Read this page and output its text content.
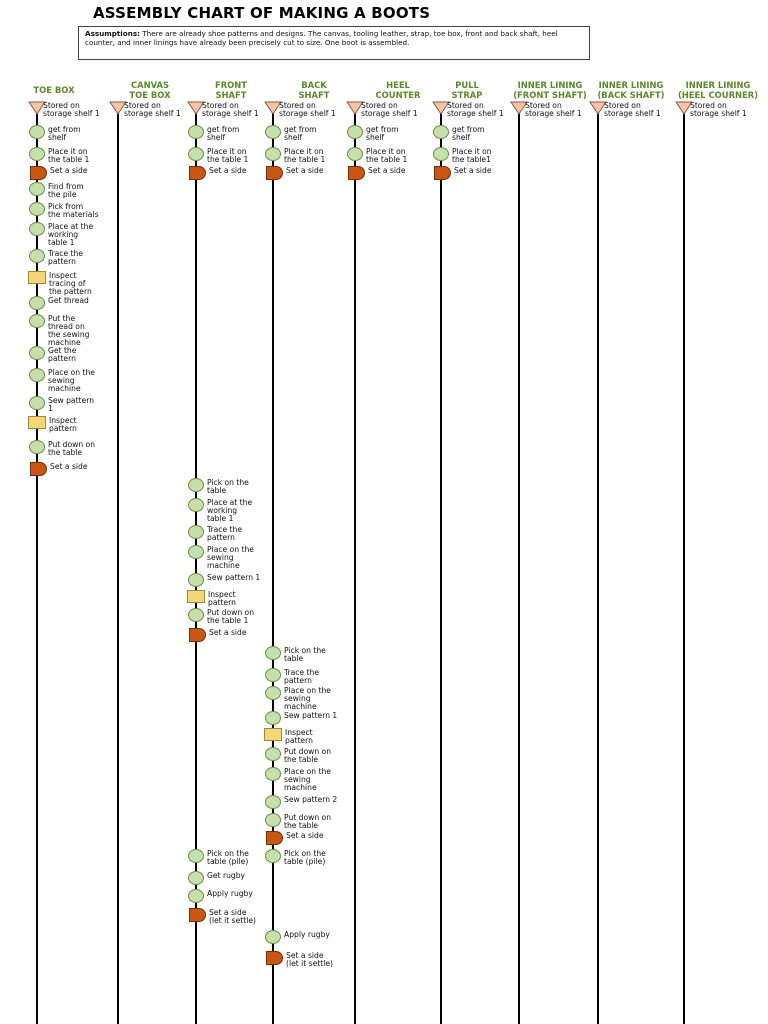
ASSEMBLY CHART OF MAKING A BOOTS
Assumptions: There are already shoe patterns and designs. The canvas, tooling leather, strap, toe box, front and back shaft, heel counter, and inner linings have already been precisely cut to size. One boot is assembled.
TOE BOX	CANVAS
TOE BOX
FRONT
SHAFT
BACK
SHAFT
HEEL
COUNTER
PULL
STRAP
INNER LINING
(FRONT SHAFT)
INNER LINING
(BACK SHAFT)
INNER LINING
(HEEL COURNER)
Stored on
storage shelf 1
get from
shelf
Place it on
the table 1
Set a side
Find from
the pile
Pick from
the materials
Place at the
working
table 1
Trace the
pattern
Inspect
tracing of
the pattern
Get thread
Put the
thread on
the sewing
machine
Get the
pattern
Place on the
sewing
machine
Sew pattern
1
Inspect
pattern
Put down on
the table
Set a side
Stored on
storage shelf 1
Stored on
storage shelf 1
get from
shelf
Place it on
the table 1
Set a side
Pick on the
table
Place at the
working
table 1
Trace the
pattern
Place on the
sewing
machine
Sew pattern 1
Inspect
pattern
Put down on
the table 1
Set a side
Pick on the
table (pile)
Get rugby
Apply rugby
Set a side
(let it settle)
Stored on
storage shelf 1
get from
shelf
Place it on
the table 1
Set a side
Pick on the
table
Trace the
pattern
Place on the
sewing
machine
Sew pattern 1
Inspect
pattern
Put down on
the table
Place on the
sewing
machine
Sew pattern 2
Put down on
the table
Set a side
Pick on the
table (pile)
Apply rugby
Set a side
(let it settle)
Stored on
storage shelf 1
get from
shelf
Place it on
the table 1
Set a side
Stored on
storage shelf 1
get from
shelf
Place it on
the table1
Set a side
Stored on
storage shelf 1
Stored on
storage shelf 1
Stored on
storage shelf 1
